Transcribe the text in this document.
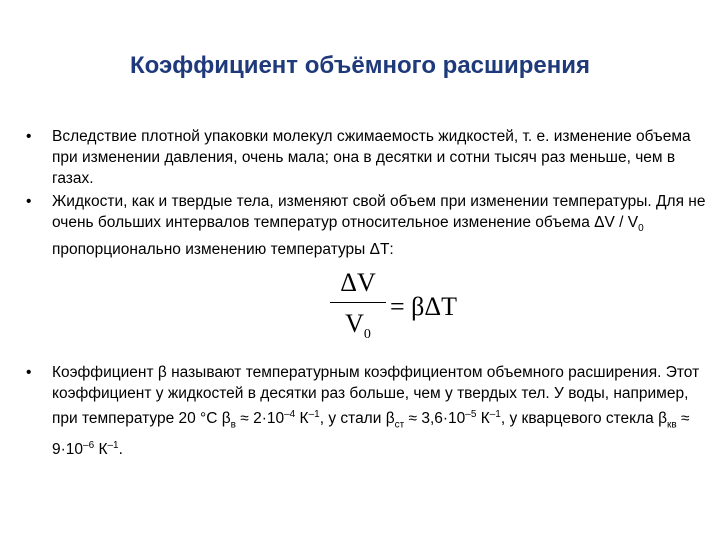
Коэффициент объёмного расширения
• Вследствие плотной упаковки молекул сжимаемость жидкостей, т. е. изменение объема при изменении давления, очень мала; она в десятки и сотни тысяч раз меньше, чем в газах.
• Жидкости, как и твердые тела, изменяют свой объем при изменении температуры. Для не очень больших интервалов температур относительное изменение объема ΔV / $V_0$ пропорционально изменению температуры ΔТ:
ΔV
$V_0$
= βΔT
• Коэффициент β называют температурным коэффициентом объемного расширения. Этот коэффициент у жидкостей в десятки раз больше, чем у твердых тел. У воды, например, при температуре 20 °С $\beta_в \approx 2\cdot 10^{-4}$ $К^{-1}$, у стали $\beta_{ст} \approx 3,6\cdot 10^{-5}$ $К^{-1}$, у кварцевого стекла $\beta_{кв} \approx 9\cdot 10^{-6}$ $К^{-1}$.
